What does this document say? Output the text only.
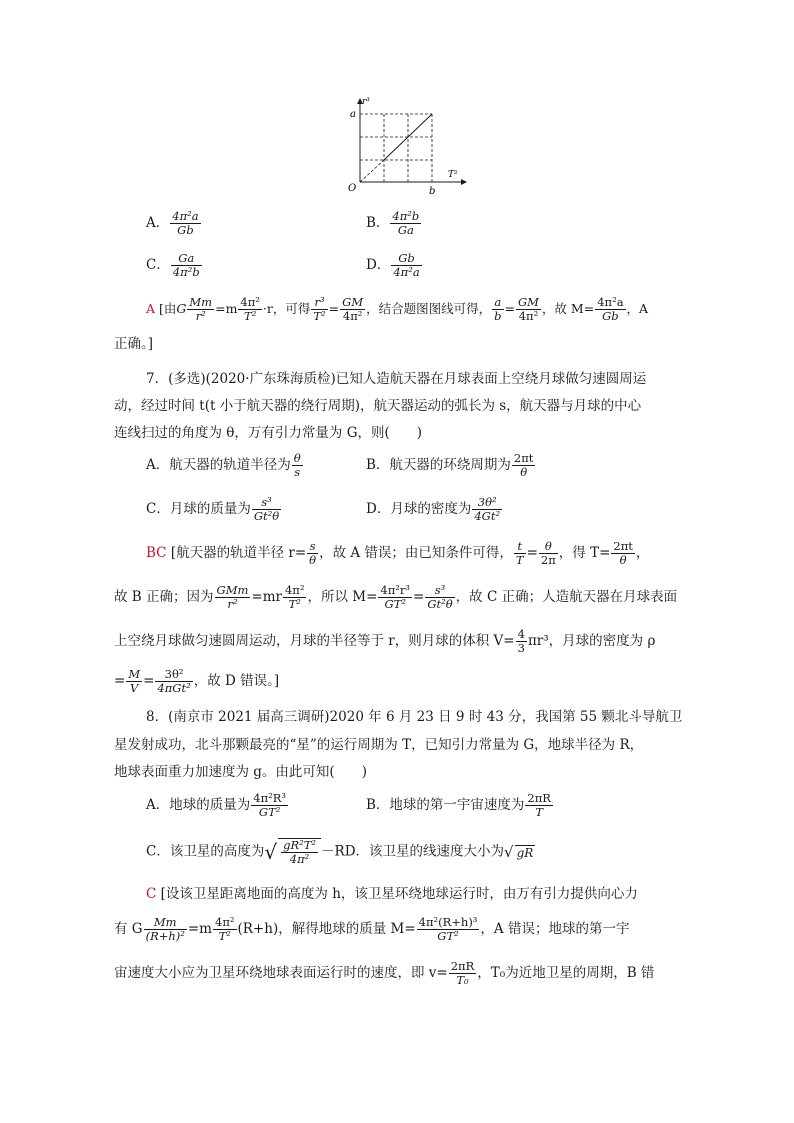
r³
T²
a
b
O
A． $\frac{\text{4π²a}}{Gb}$	B． $\frac{\text{4π²b}}{Ga}$
C． $\frac{Ga}{\text{4π²b}}$	D． $\frac{Gb}{\text{4π²a}}$
A [由G $\frac{Mm}{\text{r²}} =m \frac{\text{4π²}}{\text{T²}} \cdot r$，可得 $\frac{\text{r³}}{\text{T²}} = \frac{GM}{\text{4π²}}$ ，结合题图图线可得， $\frac{a}{b} = \frac{GM}{\text{4π²}}$ ，故 $M= \frac{\text{4π²a}}{Gb}$ ，A
正确。]
7．(多选)(2020·广东珠海质检)已知人造航天器在月球表面上空绕月球做匀速圆周运
动，经过时间 t(t 小于航天器的绕行周期)，航天器运动的弧长为 s，航天器与月球的中心
连线扫过的角度为 θ，万有引力常量为 G，则(　　)
A．航天器的轨道半径为 $\frac{\theta}{s}$	B．航天器的环绕周期为 $\frac{2\pi t}{\theta}$
C．月球的质量为 $\frac{\text{s³}}{\text{Gt²θ}}$	D．月球的密度为 $\frac{\text{3θ²}}{\text{4Gt²}}$
BC [航天器的轨道半径 $r= \frac{s}{\theta}$ ，故 A 错误；由已知条件可得， $\frac{t}{T} = \frac{\theta}{2\pi}$ ，得 $T= \frac{2\pi t}{\theta}$ ，
故 B 正确；因为 $\frac{\text{GMm}}{\text{r²}} =mr \frac{\text{4π²}}{\text{T²}}$ ，所以 $M= \frac{\text{4π²r³}}{\text{GT²}} = \frac{\text{s³}}{\text{Gt²θ}}$ ，故 C 正确；人造航天器在月球表面
上空绕月球做匀速圆周运动，月球的半径等于 r，则月球的体积 $V= \frac{4}{3} \pi r^3$，月球的密度为 ρ
= $\frac{M}{V} = \frac{\text{3θ²}}{\text{4πGt²}}$ ，故 D 错误。]
8．(南京市 2021 届高三调研)2020 年 6 月 23 日 9 时 43 分，我国第 55 颗北斗导航卫
星发射成功，北斗那颗最亮的“星”的运行周期为 T，已知引力常量为 G，地球半径为 R，
地球表面重力加速度为 g。由此可知(　　)
A．地球的质量为 $\frac{\text{4π²R³}}{\text{GT²}}$	B．地球的第一宇宙速度为 $\frac{2\pi R}{T}$
C．该卫星的高度为√ $\frac{\text{gR²T²}}{\text{4π²}} -RD$．该卫星的线速度大小为√ gR
C [设该卫星距离地面的高度为 h，该卫星环绕地球运行时，由万有引力提供向心力
有 G $\frac{Mm}{\text{(R+h)²}} =m \frac{\text{4π²}}{\text{T²}} (R+h)$，解得地球的质量 $M= \frac{\text{4π²(R+h)³}}{\text{GT²}}$ ，A 错误；地球的第一宇
宙速度大小应为卫星环绕地球表面运行时的速度，即 $v= \frac{2\pi R}{\text{T₀}}$ ，T₀为近地卫星的周期，B 错
